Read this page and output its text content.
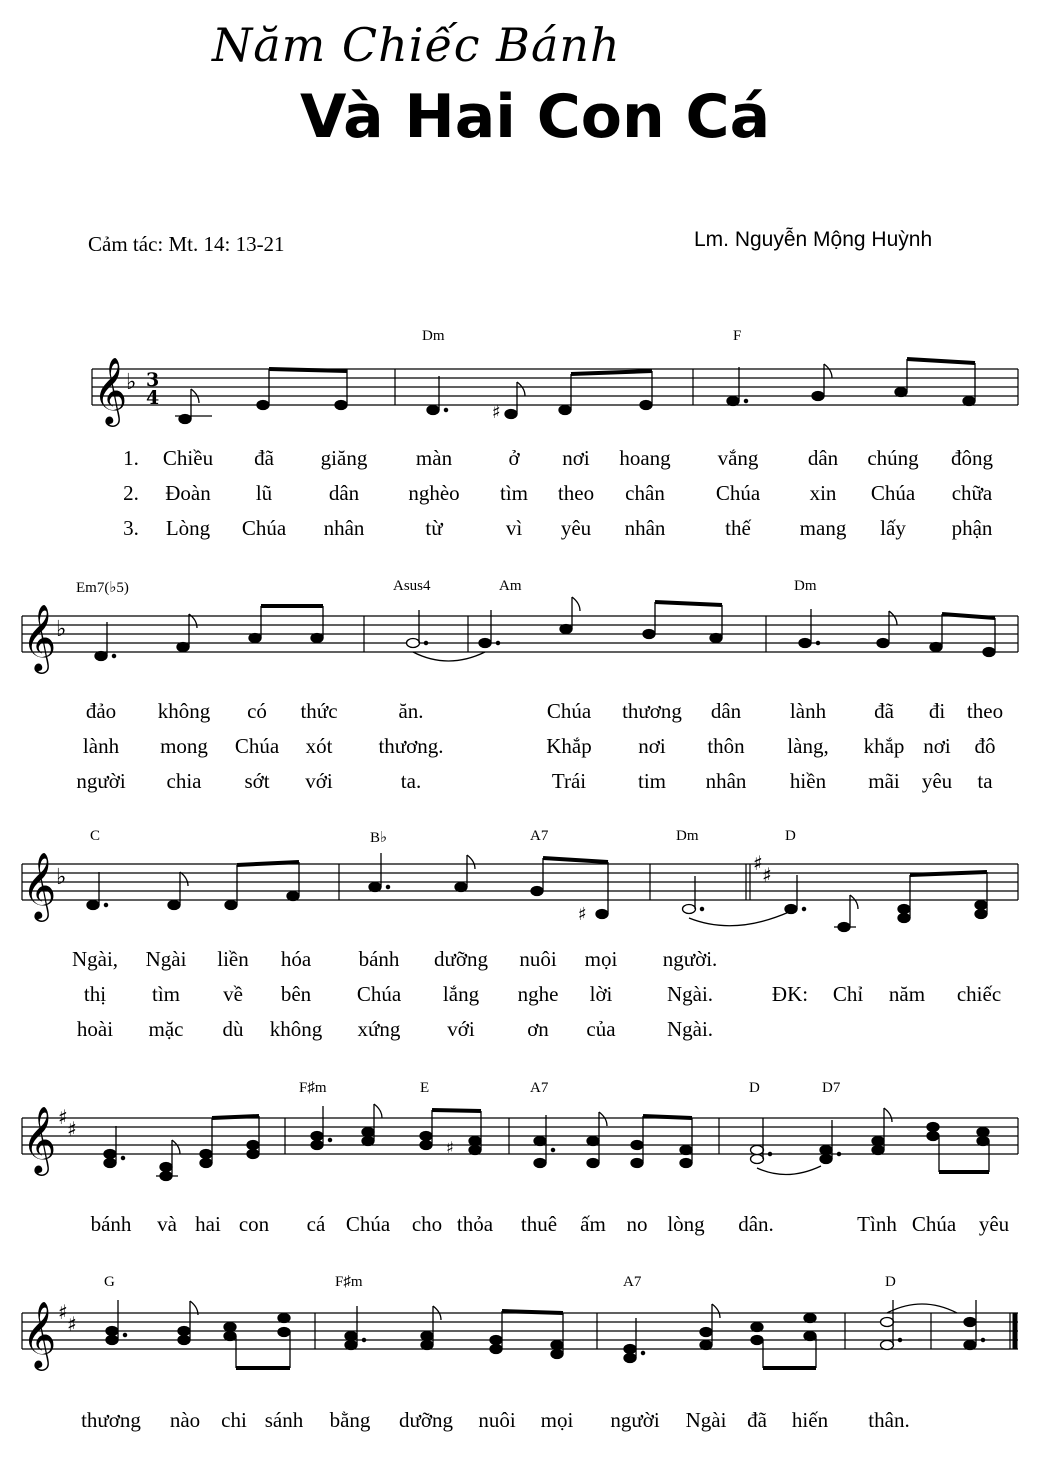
Năm Chiếc Bánh
Và Hai Con Cá
Cảm tác: Mt. 14: 13-21	Lm. Nguyễn Mộng Huỳnh
𝄞
♭ 3
4
♯
Dm	F
1. Chiều đã giăng màn	ở nơi hoang vắng dân chúng đông
2. Đoàn lũ	dân nghèo tìm theo chân Chúa xin Chúa chữa
3. Lòng Chúa nhân	từ	vì yêu nhân	thế mang lấy phận
𝄞 ♭
Em7(♭5)	Asus4	Am	Dm
đảo không có thức	ăn.	Chúa thương dân lành đã đi theo
lành mong Chúa xót thương.	Khắp nơi thôn làng, khắp nơi đô
người chia sớt với	ta.	Trái tim nhân hiền mãi yêu ta
𝄞 ♭
♯ ♯
♯
C	B♭	A7	Dm	D
Ngài, Ngài liền hóa bánh dưỡng nuôi mọi người.
thị tìm về bên Chúa lắng nghe lời	Ngài.	ĐK: Chỉ năm chiếc
hoài mặc dù không xứng với ơn của Ngài.
𝄞 ♯ ♯
♯
F♯m	E	A7	D	D7
bánh và hai con cá Chúa cho thỏa thuê ấm no lòng dân.	Tình Chúa yêu
𝄞 ♯ ♯
G	F♯m	A7	D
thương nào chi sánh bằng dưỡng nuôi mọi người Ngài đã hiến thân.
